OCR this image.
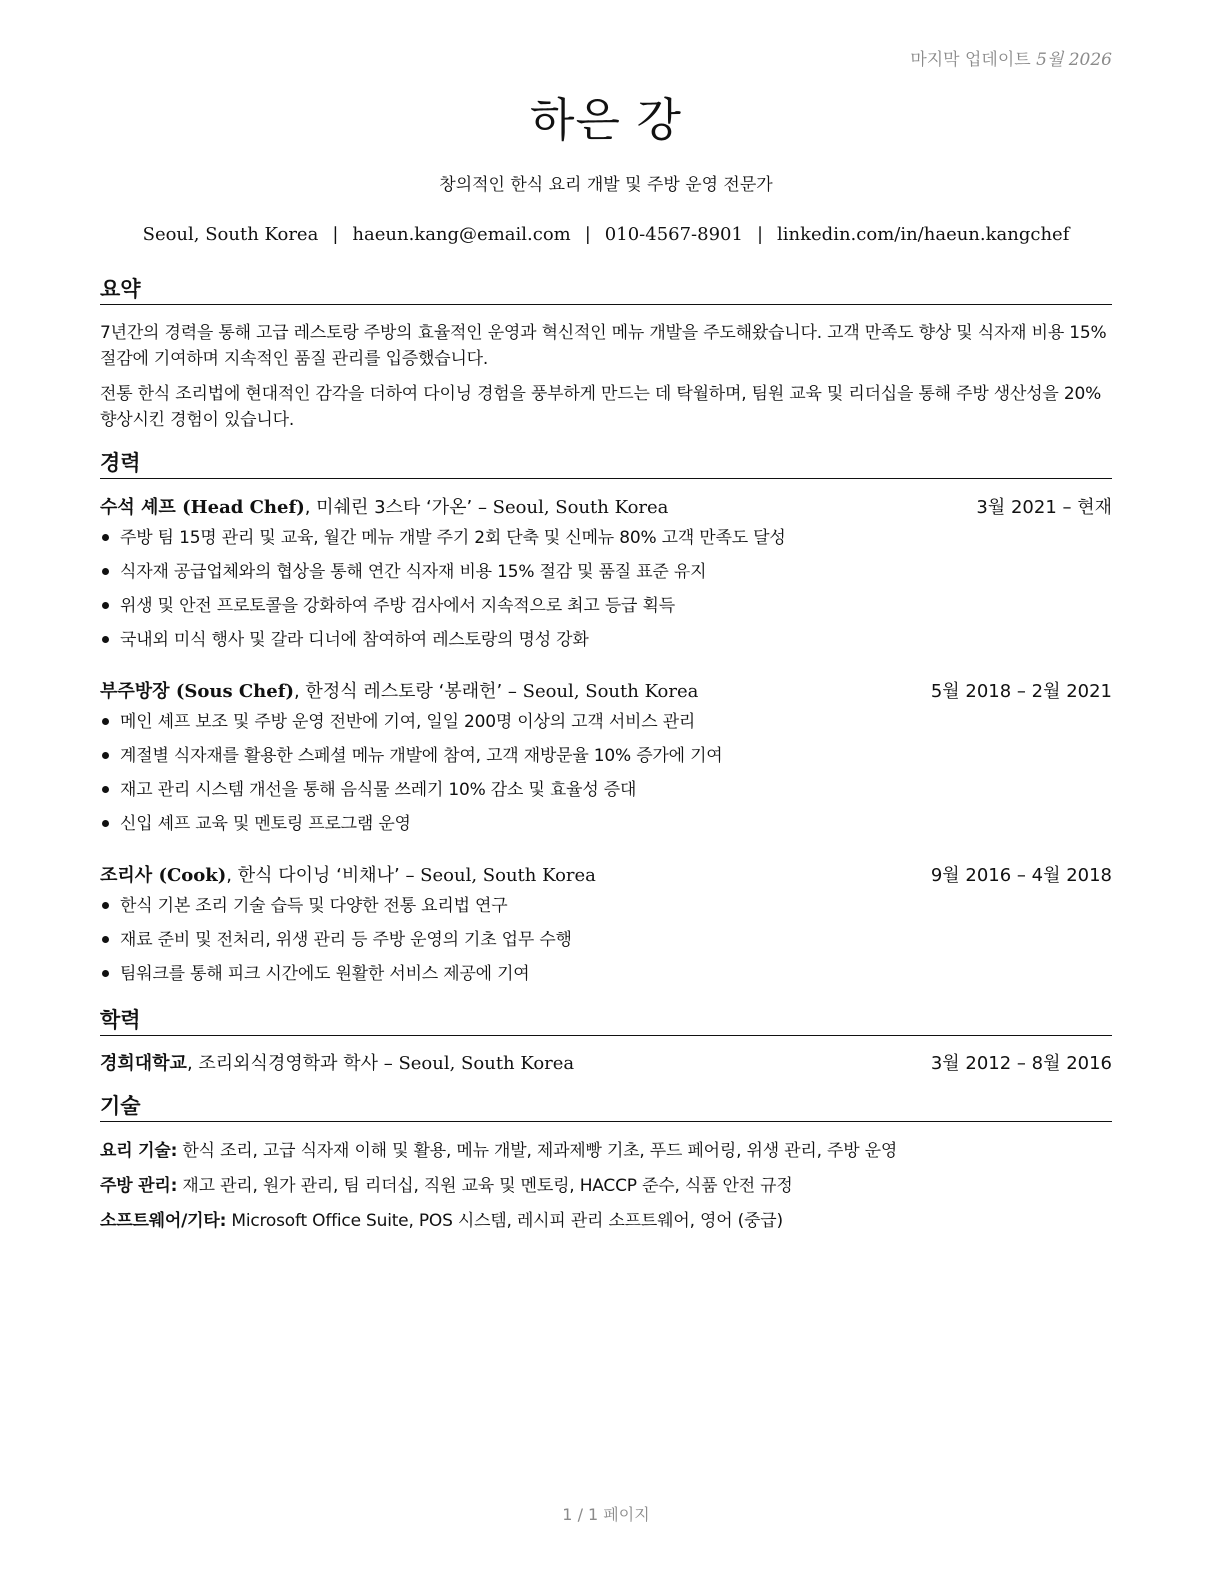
마지막 업데이트 5월 2026
하은 강
창의적인 한식 요리 개발 및 주방 운영 전문가
Seoul, South Korea | haeun.kang@email.com | 010-4567-8901 | linkedin.com/in/haeun.kangchef
요약
7년간의 경력을 통해 고급 레스토랑 주방의 효율적인 운영과 혁신적인 메뉴 개발을 주도해왔습니다. 고객 만족도 향상 및 식자재 비용 15% 절감에 기여하며 지속적인 품질 관리를 입증했습니다.
전통 한식 조리법에 현대적인 감각을 더하여 다이닝 경험을 풍부하게 만드는 데 탁월하며, 팀원 교육 및 리더십을 통해 주방 생산성을 20% 향상시킨 경험이 있습니다.
경력
수석 셰프 (Head Chef), 미쉐린 3스타 ‘가온’ – Seoul, South Korea	3월 2021 – 현재
주방 팀 15명 관리 및 교육, 월간 메뉴 개발 주기 2회 단축 및 신메뉴 80% 고객 만족도 달성
식자재 공급업체와의 협상을 통해 연간 식자재 비용 15% 절감 및 품질 표준 유지
위생 및 안전 프로토콜을 강화하여 주방 검사에서 지속적으로 최고 등급 획득
국내외 미식 행사 및 갈라 디너에 참여하여 레스토랑의 명성 강화
부주방장 (Sous Chef), 한정식 레스토랑 ‘봉래헌’ – Seoul, South Korea	5월 2018 – 2월 2021
메인 셰프 보조 및 주방 운영 전반에 기여, 일일 200명 이상의 고객 서비스 관리
계절별 식자재를 활용한 스페셜 메뉴 개발에 참여, 고객 재방문율 10% 증가에 기여
재고 관리 시스템 개선을 통해 음식물 쓰레기 10% 감소 및 효율성 증대
신입 셰프 교육 및 멘토링 프로그램 운영
조리사 (Cook), 한식 다이닝 ‘비채나’ – Seoul, South Korea	9월 2016 – 4월 2018
한식 기본 조리 기술 습득 및 다양한 전통 요리법 연구
재료 준비 및 전처리, 위생 관리 등 주방 운영의 기초 업무 수행
팀워크를 통해 피크 시간에도 원활한 서비스 제공에 기여
학력
경희대학교, 조리외식경영학과 학사 – Seoul, South Korea	3월 2012 – 8월 2016
기술
요리 기술: 한식 조리, 고급 식자재 이해 및 활용, 메뉴 개발, 제과제빵 기초, 푸드 페어링, 위생 관리, 주방 운영
주방 관리: 재고 관리, 원가 관리, 팀 리더십, 직원 교육 및 멘토링, HACCP 준수, 식품 안전 규정
소프트웨어/기타: Microsoft Office Suite, POS 시스템, 레시피 관리 소프트웨어, 영어 (중급)
1 / 1 페이지
